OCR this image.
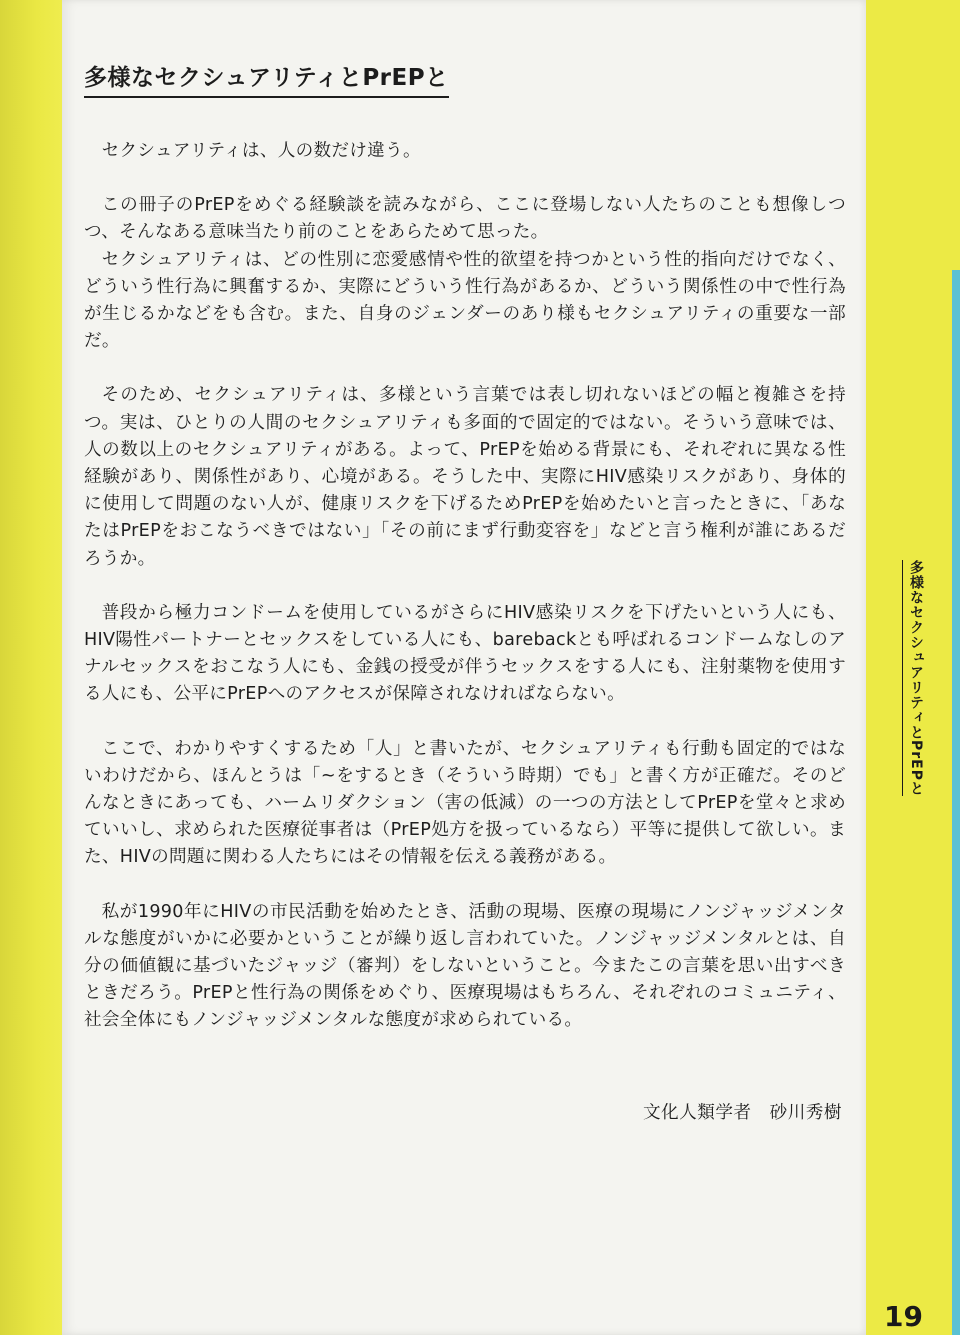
多様なセクシュアリティとPrEPと

セクシュアリティは、人の数だけ違う。

この冊子のPrEPをめぐる経験談を読みながら、ここに登場しない人たちのことも想像しつつ、そんなある意味当たり前のことをあらためて思った。

セクシュアリティは、どの性別に恋愛感情や性的欲望を持つかという性的指向だけでなく、どういう性行為に興奮するか、実際にどういう性行為があるか、どういう関係性の中で性行為が生じるかなどをも含む。また、自身のジェンダーのあり様もセクシュアリティの重要な一部だ。

そのため、セクシュアリティは、多様という言葉では表し切れないほどの幅と複雑さを持つ。実は、ひとりの人間のセクシュアリティも多面的で固定的ではない。そういう意味では、人の数以上のセクシュアリティがある。よって、PrEPを始める背景にも、それぞれに異なる性経験があり、関係性があり、心境がある。そうした中、実際にHIV感染リスクがあり、身体的に使用して問題のない人が、健康リスクを下げるためPrEPを始めたいと言ったときに、「あなたはPrEPをおこなうべきではない」「その前にまず行動変容を」などと言う権利が誰にあるだろうか。

普段から極力コンドームを使用しているがさらにHIV感染リスクを下げたいという人にも、HIV陽性パートナーとセックスをしている人にも、barebackとも呼ばれるコンドームなしのアナルセックスをおこなう人にも、金銭の授受が伴うセックスをする人にも、注射薬物を使用する人にも、公平にPrEPへのアクセスが保障されなければならない。

ここで、わかりやすくするため「人」と書いたが、セクシュアリティも行動も固定的ではないわけだから、ほんとうは「~をするとき（そういう時期）でも」と書く方が正確だ。そのどんなときにあっても、ハームリダクション（害の低減）の一つの方法としてPrEPを堂々と求めていいし、求められた医療従事者は（PrEP処方を扱っているなら）平等に提供して欲しい。また、HIVの問題に関わる人たちにはその情報を伝える義務がある。

私が1990年にHIVの市民活動を始めたとき、活動の現場、医療の現場にノンジャッジメンタルな態度がいかに必要かということが繰り返し言われていた。ノンジャッジメンタルとは、自分の価値観に基づいたジャッジ（審判）をしないということ。今またこの言葉を思い出すべきときだろう。PrEPと性行為の関係をめぐり、医療現場はもちろん、それぞれのコミュニティ、社会全体にもノンジャッジメンタルな態度が求められている。

文化人類学者　砂川秀樹
多様なセクシュアリティとPrEPと
19
